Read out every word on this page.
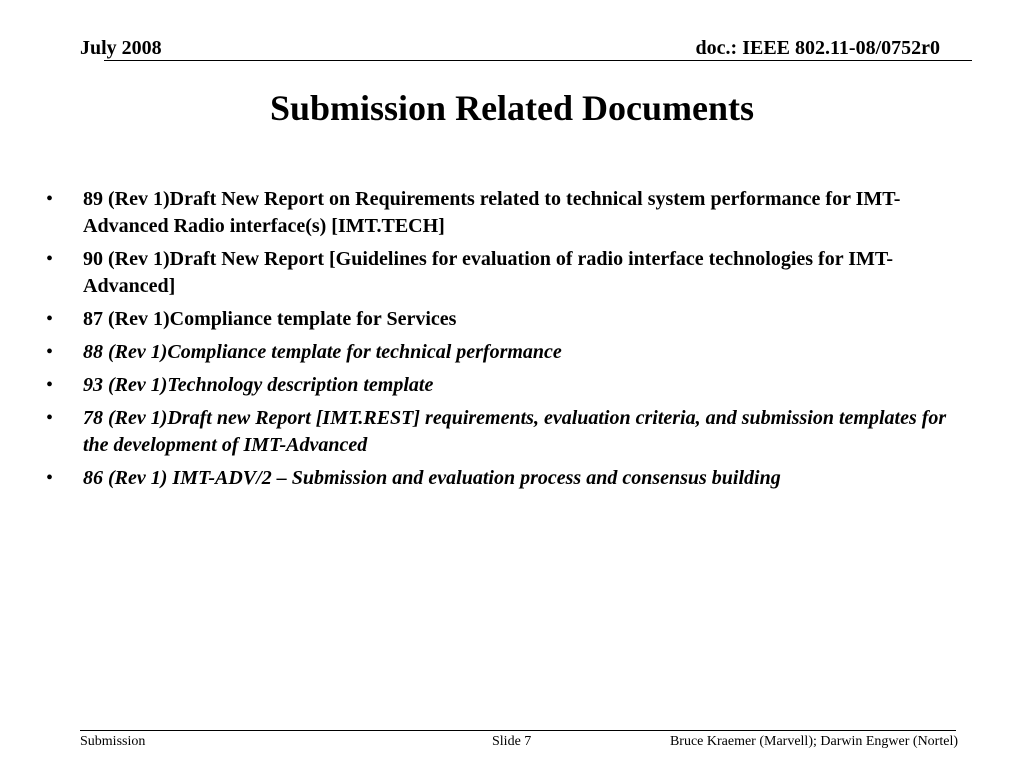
July 2008	doc.: IEEE 802.11-08/0752r0
Submission Related Documents
• 89 (Rev 1)Draft New Report on Requirements related to technical system performance for IMT-Advanced Radio interface(s) [IMT.TECH]
• 90 (Rev 1)Draft New Report [Guidelines for evaluation of radio interface technologies for IMT-Advanced]
• 87 (Rev 1)Compliance template for Services
• 88 (Rev 1)Compliance template for technical performance
• 93 (Rev 1)Technology description template
• 78 (Rev 1)Draft new Report [IMT.REST] requirements, evaluation criteria, and submission templates for the development of IMT-Advanced
• 86 (Rev 1) IMT-ADV/2 – Submission and evaluation process and consensus building
Submission	Slide 7	Bruce Kraemer (Marvell); Darwin Engwer (Nortel)
